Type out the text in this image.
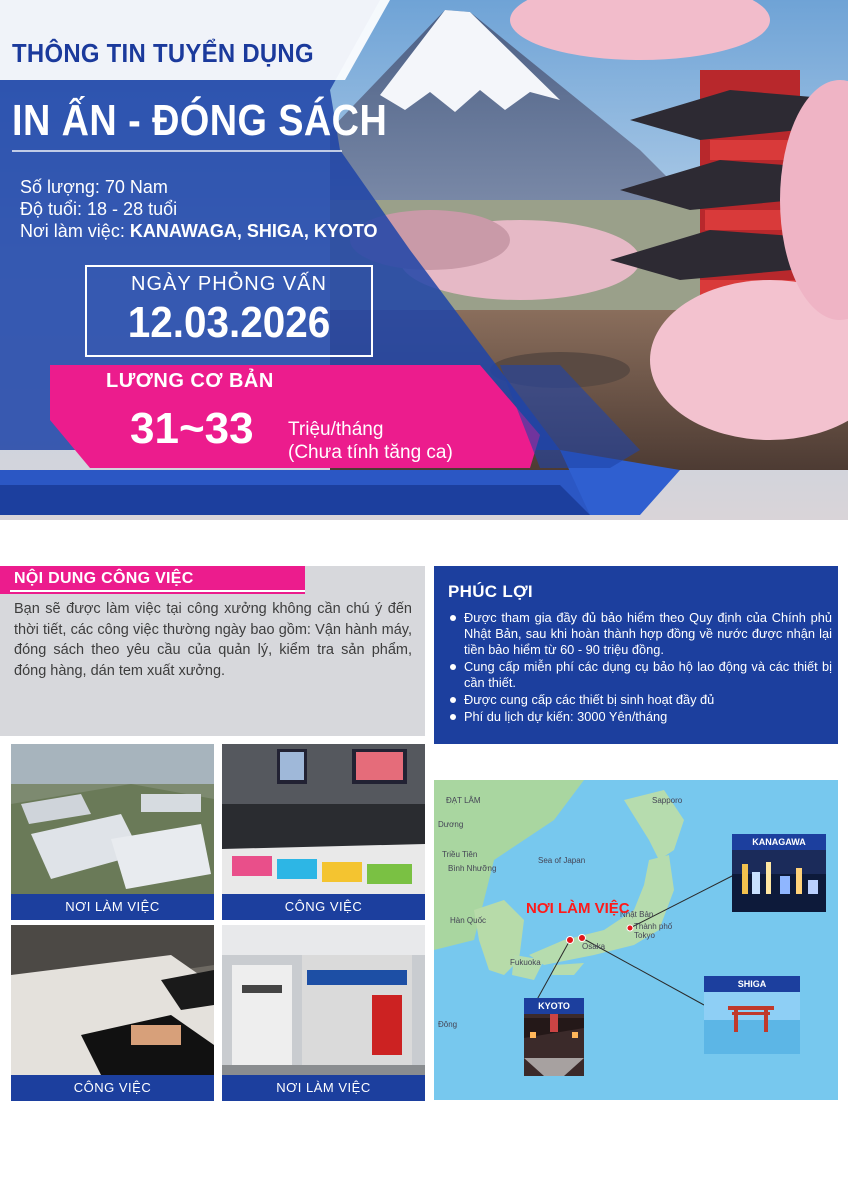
THÔNG TIN TUYỂN DỤNG
IN ẤN - ĐÓNG SÁCH
Số lượng: 70 Nam
Độ tuổi: 18 - 28 tuổi
Nơi làm việc: KANAWAGA, SHIGA, KYOTO
NGÀY PHỎNG VẤN
12.03.2026
LƯƠNG CƠ BẢN
31~33 Triệu/tháng
(Chưa tính tăng ca)
NỘI DUNG CÔNG VIỆC
Bạn sẽ được làm việc tại công xưởng không cần chú ý đến thời tiết, các công việc thường ngày bao gồm: Vận hành máy, đóng sách theo yêu cầu của quản lý, kiểm tra sản phẩm, đóng hàng, dán tem xuất xưởng.
PHÚC LỢI
Được tham gia đầy đủ bảo hiểm theo Quy định của Chính phủ Nhật Bản, sau khi hoàn thành hợp đồng về nước được nhận lại tiền bảo hiểm từ 60 - 90 triệu đồng.
Cung cấp miễn phí các dụng cụ bảo hộ lao động và các thiết bị cần thiết.
Được cung cấp các thiết bị sinh hoạt đầy đủ
Phí du lịch dự kiến: 3000 Yên/tháng
NƠI LÀM VIỆC	CÔNG VIỆC
CÔNG VIỆC	NƠI LÀM VIỆC
Sapporo
ĐẠT LÂM
Dương
Triều Tiên
Bình Nhưỡng
Sea of Japan
Hàn Quốc
Nhật Bản
Thành phố Tokyo
Osaka
Fukuoka
Đông
NƠI LÀM VIỆC
KANAGAWA
KYOTO
SHIGA
